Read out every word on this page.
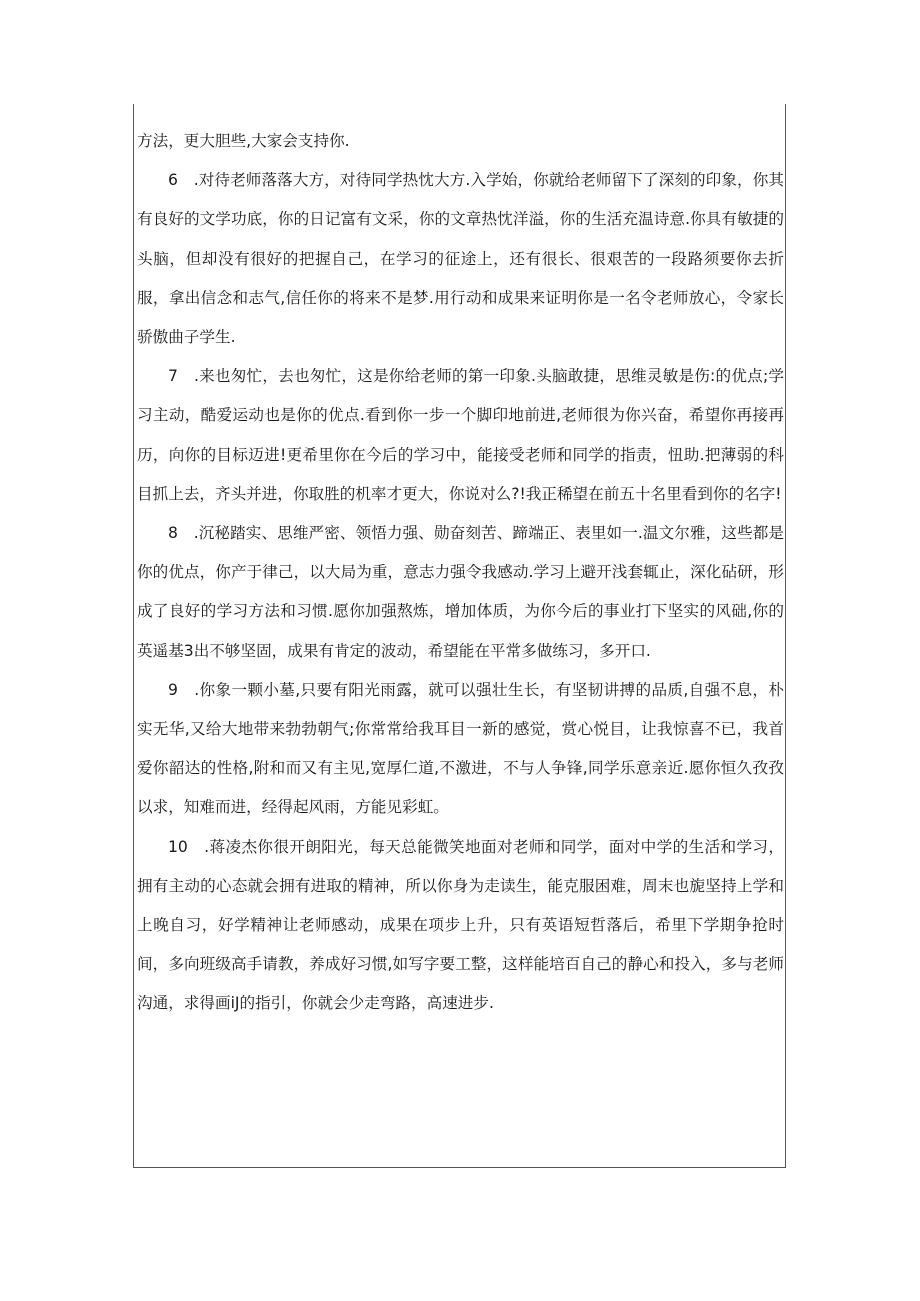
方法，更大胆些,大家会支持你.

6　.对待老师落落大方，对待同学热忱大方.入学始，你就给老师留下了深刻的印象，你其有良好的文学功底，你的日记富有文采，你的文章热忱洋溢，你的生活充温诗意.你具有敏捷的头脑，但却没有很好的把握自己，在学习的征途上，还有很长、很艰苦的一段路须要你去折服，拿出信念和志气,信任你的将来不是梦.用行动和成果来证明你是一名令老师放心，令家长骄傲曲子学生.

7　.来也匆忙，去也匆忙，这是你给老师的第一印象.头脑敢捷，思维灵敏是伤:的优点;学习主动，酷爱运动也是你的优点.看到你一步一个脚印地前进,老师很为你兴奋，希望你再接再历，向你的目标迈进!更希里你在今后的学习中，能接受老师和同学的指责，忸助.把薄弱的科目抓上去，齐头并进，你取胜的机率才更大，你说对么?!我正稀望在前五十名里看到你的名字!

8　.沉秘踏实、思维严密、领悟力强、勋奋刻苦、蹄端正、表里如一.温文尔雅，这些都是你的优点，你产于律己，以大局为重，意志力强令我感动.学习上避开浅套辄止，深化砧研，形成了良好的学习方法和习惯.愿你加强熬炼，增加体质，为你今后的事业打下坚实的风础,你的英遥基3出不够坚固，成果有肯定的波动，希望能在平常多做练习，多开口.

9　.你象一颗小墓,只要有阳光雨露，就可以强壮生长，有坚韧讲搏的品质,自强不息，朴实无华,又给大地带来勃勃朝气;你常常给我耳目一新的感觉，赏心悦目，让我惊喜不已，我首爱你韶达的性格,附和而又有主见,宽厚仁道,不激进，不与人争锋,同学乐意亲近.愿你恒久孜孜以求，知难而进，经得起风雨，方能见彩虹。

10　.蒋凌杰你很开朗阳光，每天总能微笑地面对老师和同学，面对中学的生活和学习，拥有主动的心态就会拥有进取的精神，所以你身为走读生，能克服困难，周末也旎坚持上学和上晚自习，好学精神让老师感动，成果在项步上升，只有英语短哲落后，希里下学期争抢时间，多向班级高手请教，养成好习惯,如写字要工整，这样能培百自己的静心和投入，多与老师沟通，求得画iJ的指引，你就会少走弯路，高速进步.
